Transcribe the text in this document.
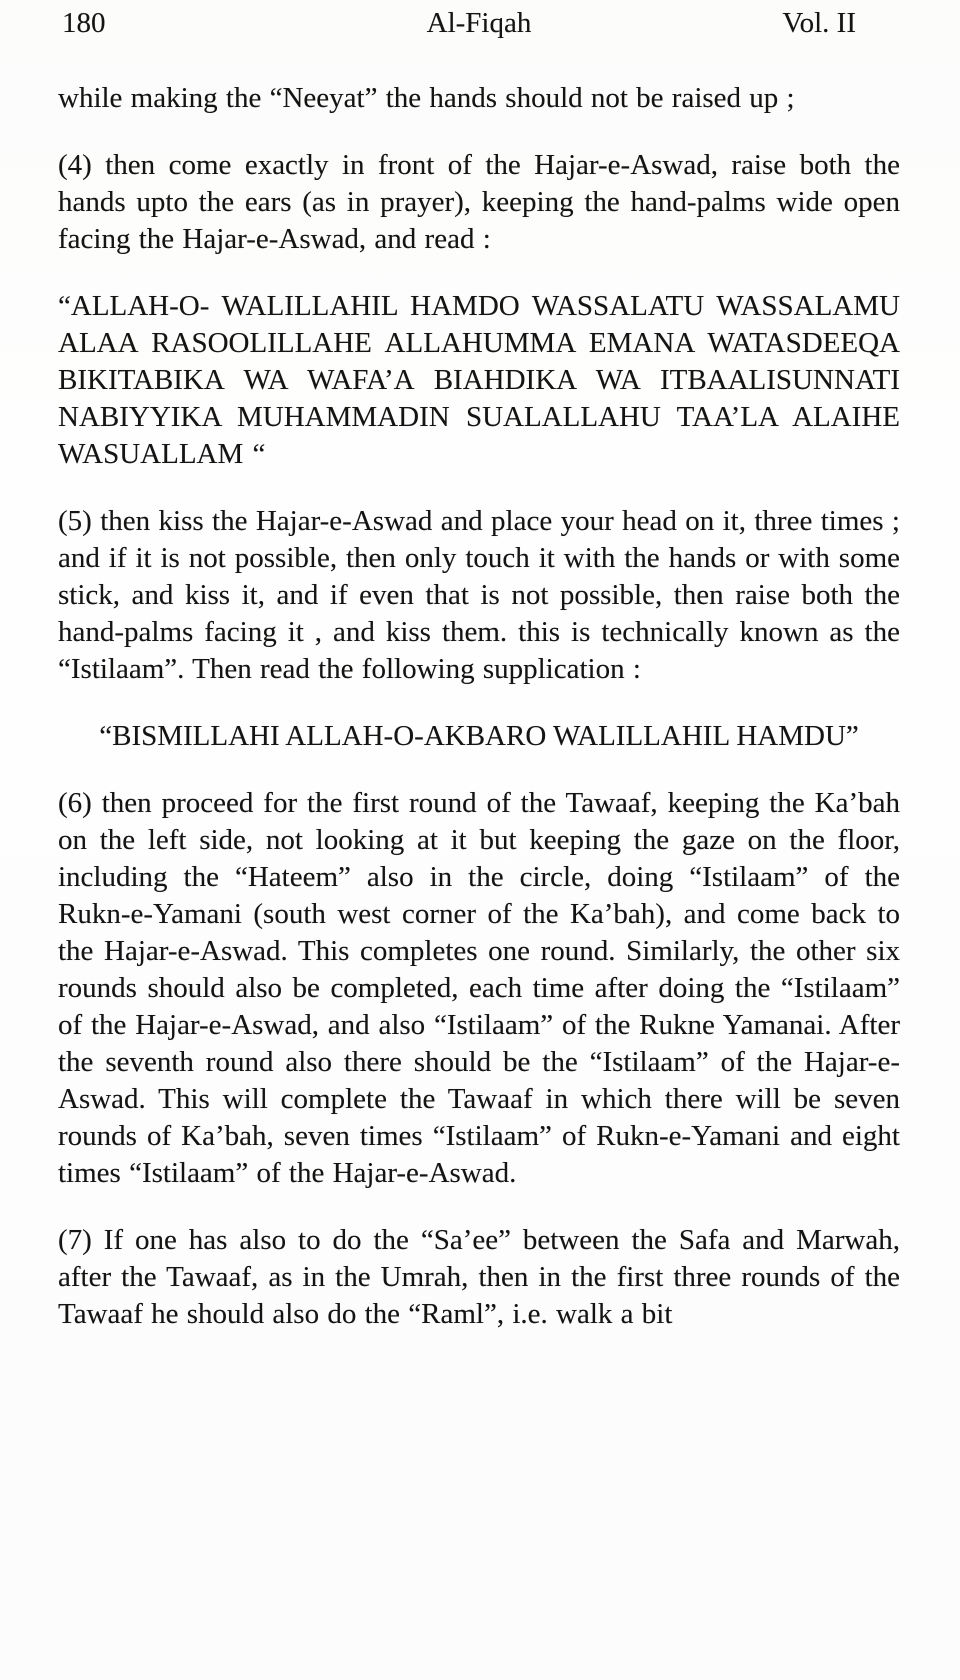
180	Al-Fiqah	Vol. II

while making the “Neeyat” the hands should not be raised up ;

(4) then come exactly in front of the Hajar-e-Aswad, raise both the hands upto the ears (as in prayer), keeping the hand-palms wide open facing the Hajar-e-Aswad, and read :

“ALLAH-O- WALILLAHIL HAMDO WASSALATU WASSALAMU ALAA RASOOLILLAHE ALLAHUMMA EMANA WATASDEEQA BIKITABIKA WA WAFA’A BIAHDIKA WA ITBAALISUNNATI NABIYYIKA MUHAMMADIN SUALALLAHU TAA’LA ALAIHE WASUALLAM “

(5) then kiss the Hajar-e-Aswad and place your head on it, three times ; and if it is not possible, then only touch it with the hands or with some stick, and kiss it, and if even that is not possible, then raise both the hand-palms facing it , and kiss them. this is technically known as the “Istilaam”. Then read the following supplication :

“BISMILLAHI ALLAH-O-AKBARO WALILLAHIL HAMDU”

(6) then proceed for the first round of the Tawaaf, keeping the Ka’bah on the left side, not looking at it but keeping the gaze on the floor, including the “Hateem” also in the circle, doing “Istilaam” of the Rukn-e-Yamani (south west corner of the Ka’bah), and come back to the Hajar-e-Aswad. This completes one round. Similarly, the other six rounds should also be completed, each time after doing the “Istilaam” of the Hajar-e-Aswad, and also “Istilaam” of the Rukne Yamanai. After the seventh round also there should be the “Istilaam” of the Hajar-e-Aswad. This will complete the Tawaaf in which there will be seven rounds of Ka’bah, seven times “Istilaam” of Rukn-e-Yamani and eight times “Istilaam” of the Hajar-e-Aswad.

(7) If one has also to do the “Sa’ee” between the Safa and Marwah, after the Tawaaf, as in the Umrah, then in the first three rounds of the Tawaaf he should also do the “Raml”, i.e. walk a bit
